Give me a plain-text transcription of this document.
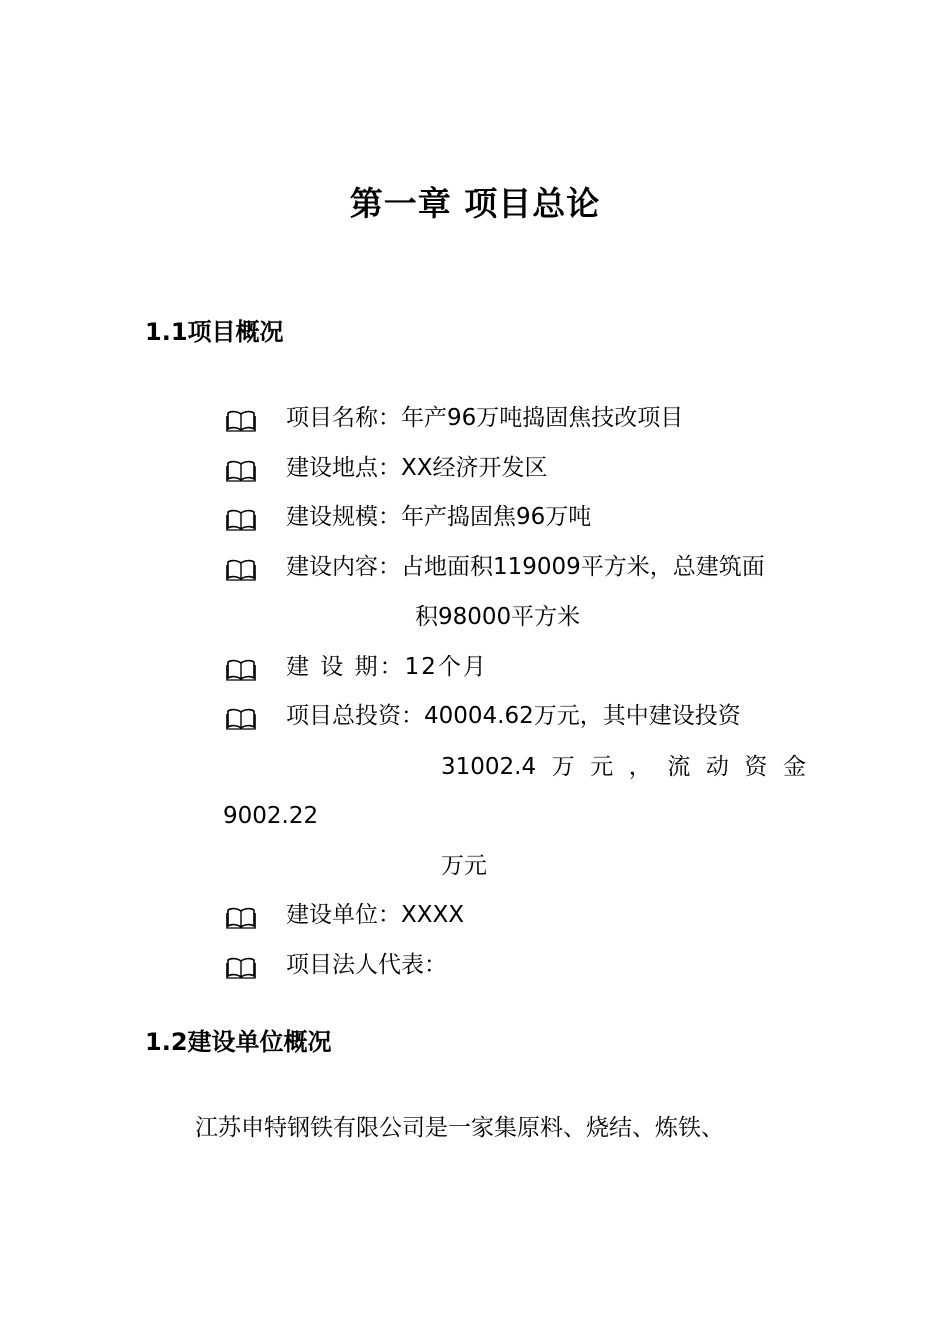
第一章 项目总论
1.1项目概况
项目名称：年产96万吨捣固焦技改项目
建设地点：XX经济开发区
建设规模：年产捣固焦96万吨
建设内容：占地面积119009平方米，总建筑面
积98000平方米
建 设 期：12个月
项目总投资：40004.62万元，其中建设投资
31002.4 万 元 ， 流 动 资 金
9002.22
万元
建设单位：XXXX
项目法人代表：
1.2建设单位概况
江苏申特钢铁有限公司是一家集原料、烧结、炼铁、
